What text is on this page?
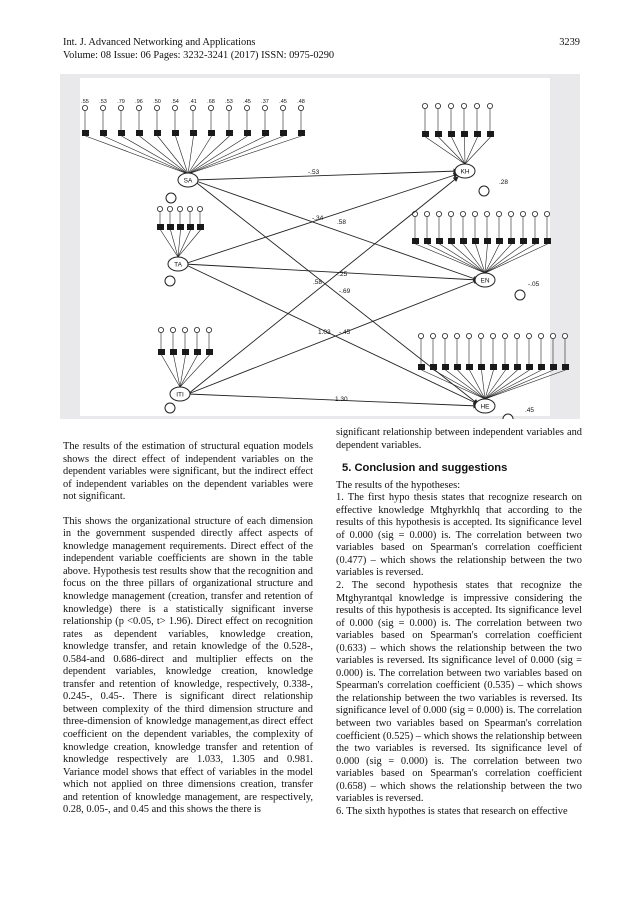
Int. J. Advanced Networking and Applications
Volume: 08 Issue: 06 Pages: 3232-3241 (2017) ISSN: 0975-0290
3239
.55 .53 .79 .96 .50 .54 .41 .68 .53 .45 .37 .45 .48
-.53
-.34
.58
-.25
.58
-.69
1.03 -.45
1.30
.28
-.05
.45
SA
TA
ITI
KH
EN
HE

The results of the estimation of structural equation models shows the direct effect of independent variables on the dependent variables were significant, but the indirect effect of independent variables on the dependent variables were not significant.

This shows the organizational structure of each dimension in the government suspended directly affect aspects of knowledge management requirements. Direct effect of the independent variable coefficients are shown in the table above. Hypothesis test results show that the recognition and focus on the three pillars of organizational structure and knowledge management (creation, transfer and retention of knowledge) there is a statistically significant inverse relationship (p <0.05, t> 1.96). Direct effect on recognition rates as dependent variables, knowledge creation, knowledge transfer, and retain knowledge of the 0.528-, 0.584-and 0.686-direct and multiplier effects on the dependent variables, knowledge creation, knowledge transfer and retention of knowledge, respectively, 0.338-, 0.245-, 0.45-. There is significant direct relationship between complexity of the third dimension structure and three-dimension of knowledge management,as direct effect coefficient on the dependent variables, the complexity of knowledge creation, knowledge transfer and retention of knowledge respectively are 1.033, 1.305 and 0.981. Variance model shows that effect of variables in the model which not applied on three dimensions creation, transfer and retention of knowledge management, are respectively, 0.28, 0.05-, and 0.45 and this shows the there is

significant relationship between independent variables and dependent variables.

5. Conclusion and suggestions

The results of the hypotheses:

1. The first hypo thesis states that recognize research on effective knowledge Mtghyrkhlq that according to the results of this hypothesis is accepted. Its significance level of 0.000 (sig = 0.000) is. The correlation between two variables based on Spearman's correlation coefficient (0.477) – which shows the relationship between the two variables is reversed.

2. The second hypothesis states that recognize the Mtghyrantqal knowledge is impressive considering the results of this hypothesis is accepted. Its significance level of 0.000 (sig = 0.000) is. The correlation between two variables based on Spearman's correlation coefficient (0.633) – which shows the relationship between the two variables is reversed. Its significance level of 0.000 (sig = 0.000) is. The correlation between two variables based on Spearman's correlation coefficient (0.535) – which shows the relationship between the two variables is reversed. Its significance level of 0.000 (sig = 0.000) is. The correlation between two variables based on Spearman's correlation coefficient (0.525) – which shows the relationship between the two variables is reversed. Its significance level of 0.000 (sig = 0.000) is. The correlation between two variables based on Spearman's correlation coefficient (0.658) – which shows the relationship between the two variables is reversed.

6. The sixth hypothes is states that research on effective
